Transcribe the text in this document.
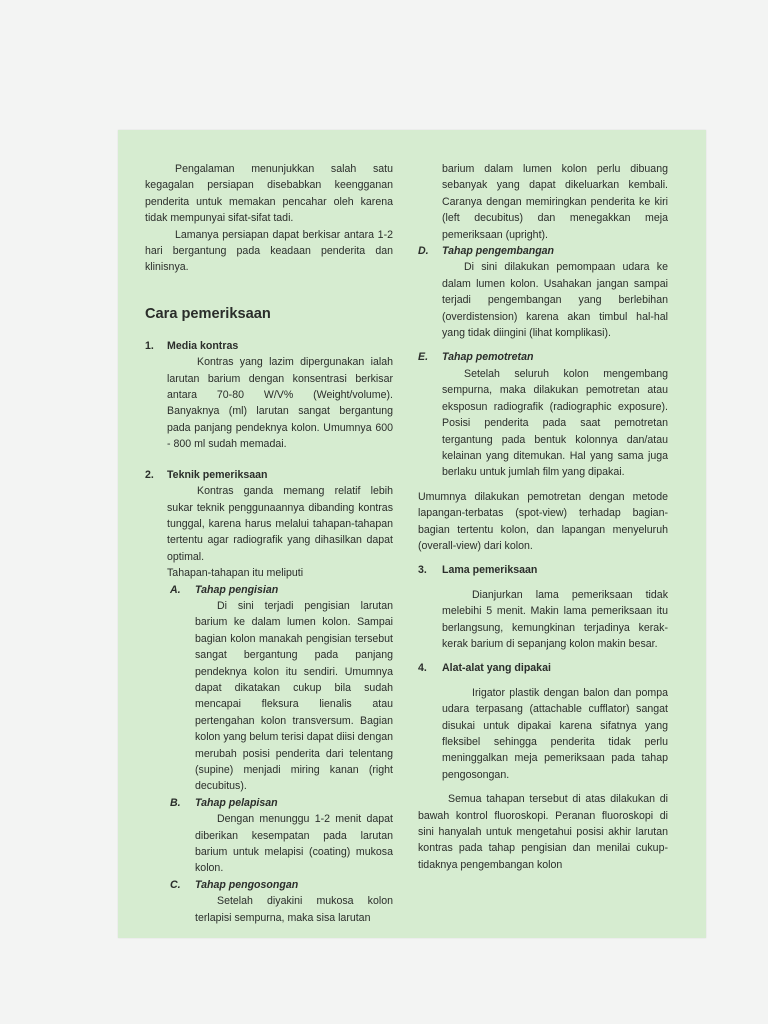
Pengalaman menunjukkan salah satu kegagalan persiapan disebabkan keengganan penderita untuk memakan pencahar oleh karena tidak mempunyai sifat-sifat tadi.

Lamanya persiapan dapat berkisar antara 1-2 hari bergantung pada keadaan penderita dan klinisnya.

Cara pemeriksaan
1.	Media kontras

Kontras yang lazim dipergunakan ialah larutan barium dengan konsentrasi berkisar antara 70-80 W/V% (Weight/volume). Banyaknya (ml) larutan sangat bergantung pada panjang pendeknya kolon. Umumnya 600 - 800 ml sudah memadai.

2.	Teknik pemeriksaan

Kontras ganda memang relatif lebih sukar teknik penggunaannya dibanding kontras tunggal, karena harus melalui tahapan-tahapan tertentu agar radiografik yang dihasilkan dapat optimal.

Tahapan-tahapan itu meliputi

A.	Tahap pengisian

Di sini terjadi pengisian larutan barium ke dalam lumen kolon. Sampai bagian kolon manakah pengisian tersebut sangat bergantung pada panjang pendeknya kolon itu sendiri. Umumnya dapat dikatakan cukup bila sudah mencapai fleksura lienalis atau pertengahan kolon transversum. Bagian kolon yang belum terisi dapat diisi dengan merubah posisi penderita dari telentang (supine) menjadi miring kanan (right decubitus).

B.	Tahap pelapisan

Dengan menunggu 1-2 menit dapat diberikan kesempatan pada larutan barium untuk melapisi (coating) mukosa kolon.

C.	Tahap pengosongan

Setelah diyakini mukosa kolon terlapisi sempurna, maka sisa larutan

barium dalam lumen kolon perlu dibuang sebanyak yang dapat dikeluarkan kembali. Caranya dengan memiringkan penderita ke kiri (left decubitus) dan menegakkan meja pemeriksaan (upright).

D.	Tahap pengembangan

Di sini dilakukan pemompaan udara ke dalam lumen kolon. Usahakan jangan sampai terjadi pengembangan yang berlebihan (overdistension) karena akan timbul hal-hal yang tidak diingini (lihat komplikasi).

E.	Tahap pemotretan

Setelah seluruh kolon mengembang sempurna, maka dilakukan pemotretan atau eksposun radiografik (radiographic exposure). Posisi penderita pada saat pemotretan tergantung pada bentuk kolonnya dan/atau kelainan yang ditemukan. Hal yang sama juga berlaku untuk jumlah film yang dipakai.

Umumnya dilakukan pemotretan dengan metode lapangan-terbatas (spot-view) terhadap bagian-bagian tertentu kolon, dan lapangan menyeluruh (overall-view) dari kolon.

3.	Lama pemeriksaan

Dianjurkan lama pemeriksaan tidak melebihi 5 menit. Makin lama pemeriksaan itu berlangsung, kemungkinan terjadinya kerak-kerak barium di sepanjang kolon makin besar.

4.	Alat-alat yang dipakai

Irigator plastik dengan balon dan pompa udara terpasang (attachable cufflator) sangat disukai untuk dipakai karena sifatnya yang fleksibel sehingga penderita tidak perlu meninggalkan meja pemeriksaan pada tahap pengosongan.

Semua tahapan tersebut di atas dilakukan di bawah kontrol fluoroskopi. Peranan fluoroskopi di sini hanyalah untuk mengetahui posisi akhir larutan kontras pada tahap pengisian dan menilai cukup-tidaknya pengembangan kolon
